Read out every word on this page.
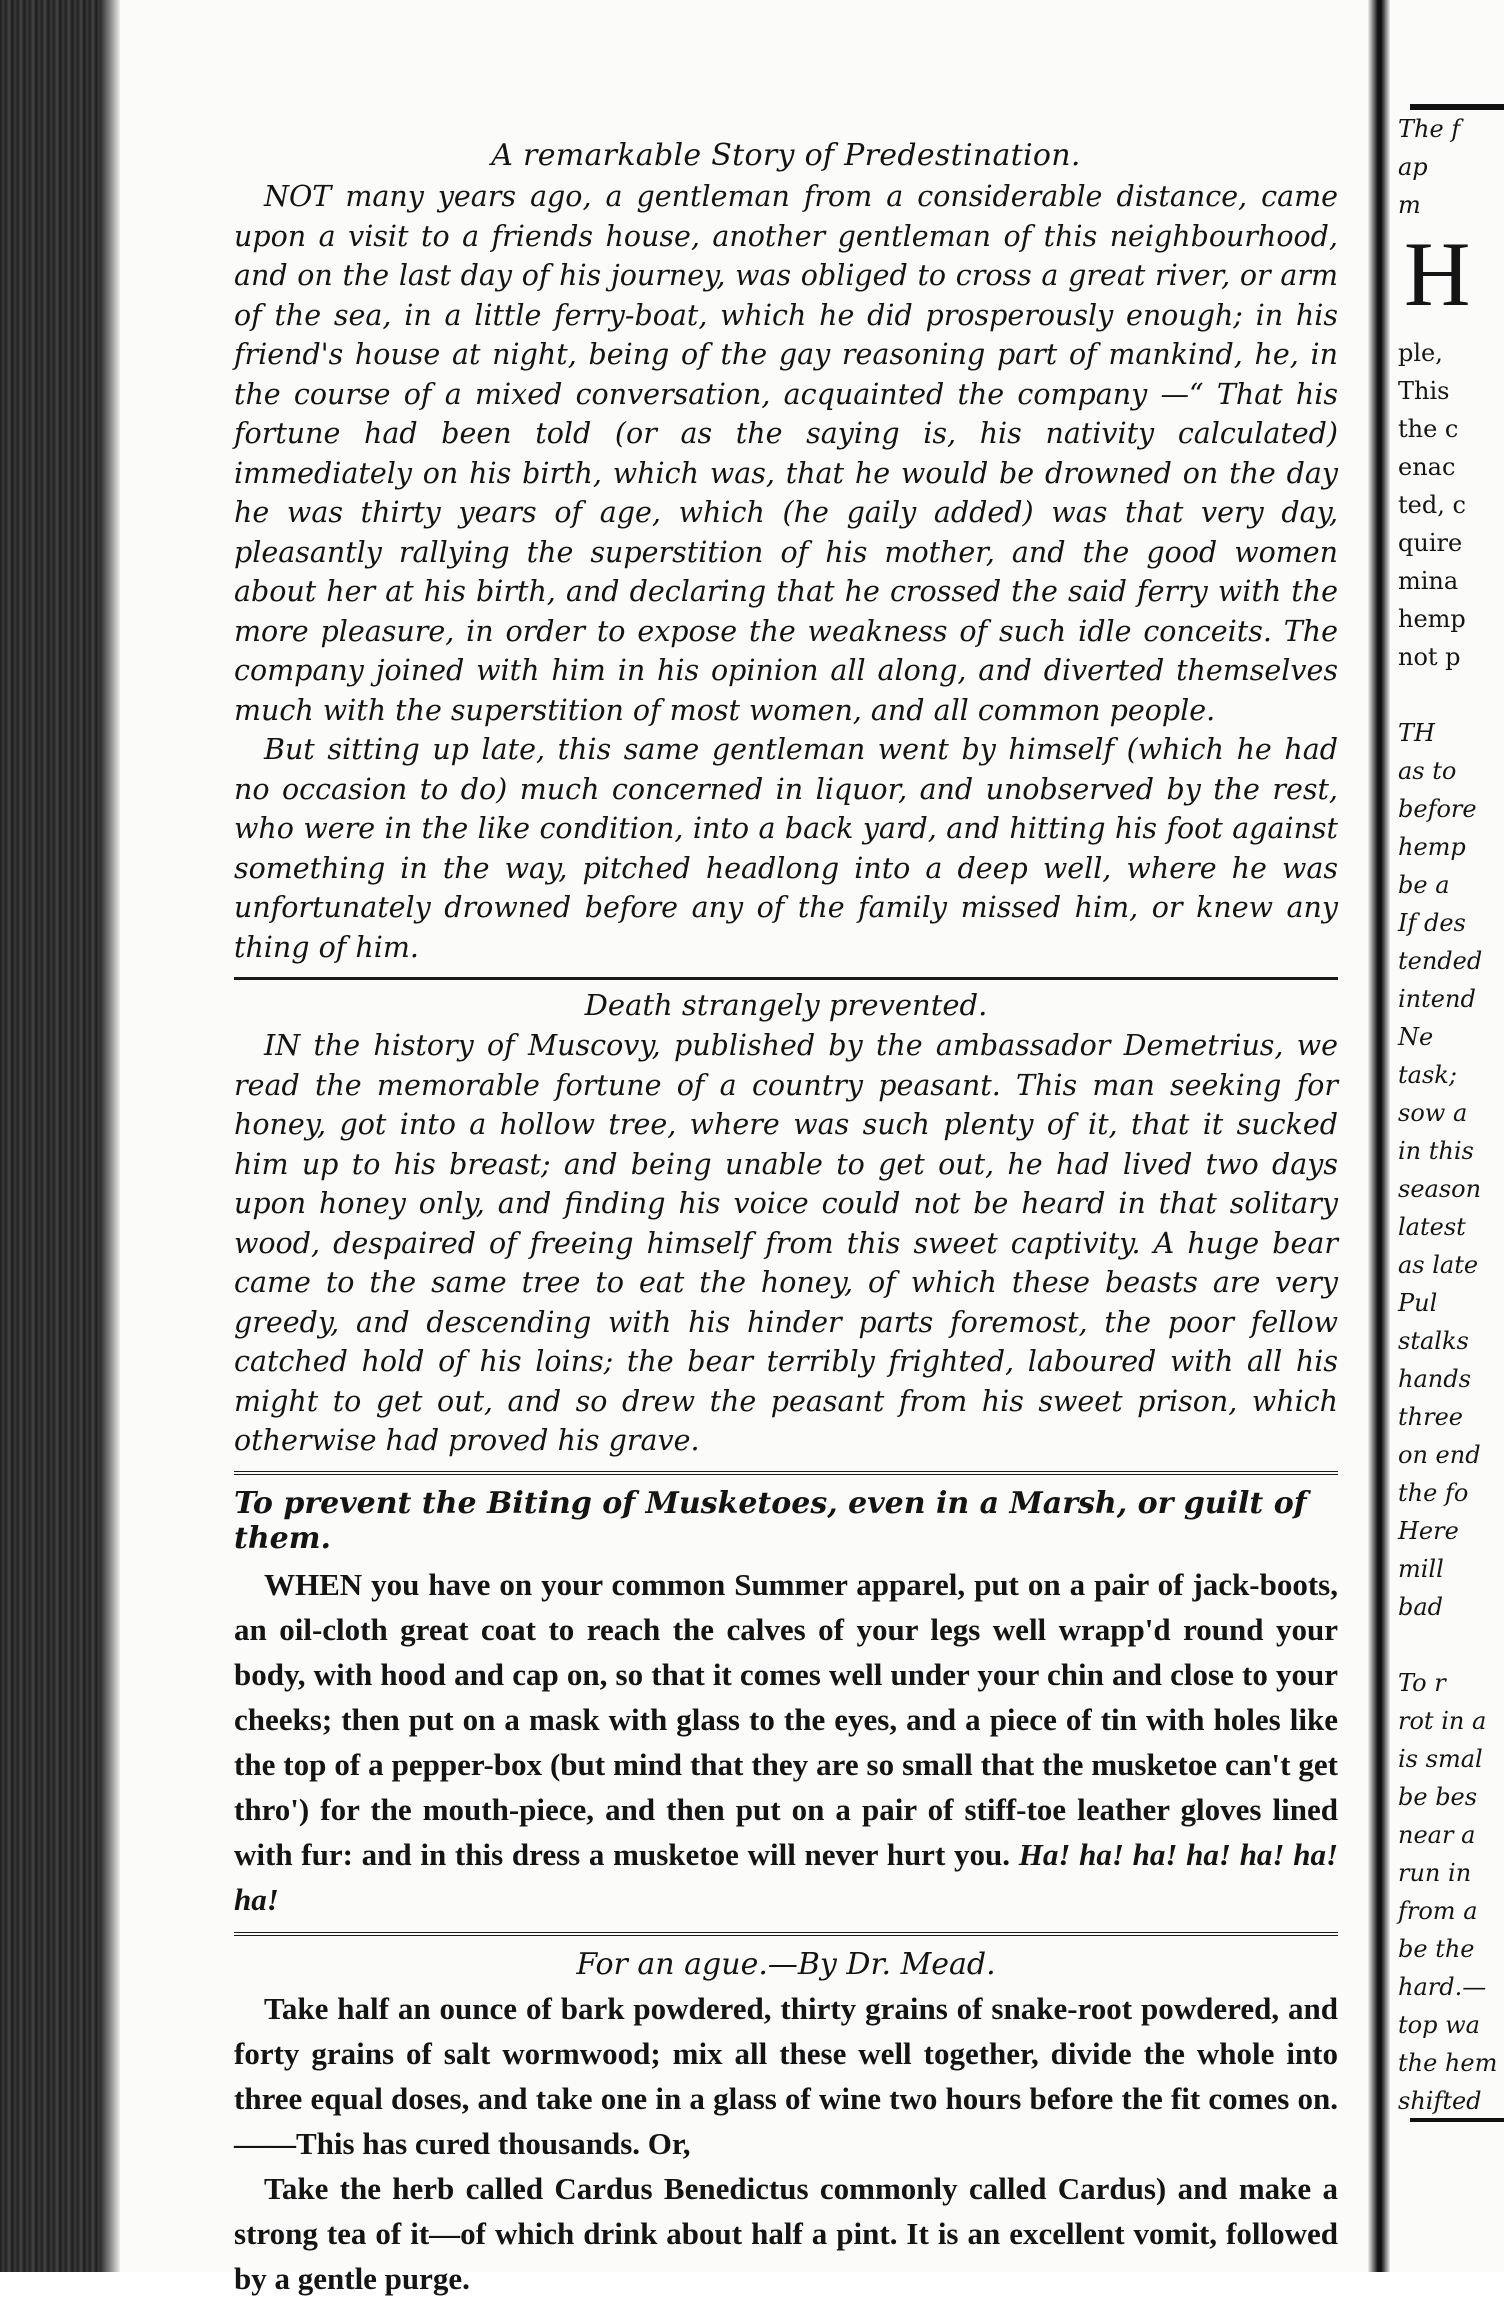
A remarkable Story of Predestination.

NOT many years ago, a gentleman from a considerable distance, came upon a visit to a friends house, another gentleman of this neighbourhood, and on the last day of his journey, was obliged to cross a great river, or arm of the sea, in a little ferry-boat, which he did prosperously enough; in his friend's house at night, being of the gay reasoning part of mankind, he, in the course of a mixed conversation, acquainted the company —“ That his fortune had been told (or as the saying is, his nativity calculated) immediately on his birth, which was, that he would be drowned on the day he was thirty years of age, which (he gaily added) was that very day, pleasantly rallying the superstition of his mother, and the good women about her at his birth, and declaring that he crossed the said ferry with the more pleasure, in order to expose the weakness of such idle conceits. The company joined with him in his opinion all along, and diverted themselves much with the superstition of most women, and all common people.

But sitting up late, this same gentleman went by himself (which he had no occasion to do) much concerned in liquor, and unobserved by the rest, who were in the like condition, into a back yard, and hitting his foot against something in the way, pitched headlong into a deep well, where he was unfortunately drowned before any of the family missed him, or knew any thing of him.

Death strangely prevented.

IN the history of Muscovy, published by the ambassador Demetrius, we read the memorable fortune of a country peasant. This man seeking for honey, got into a hollow tree, where was such plenty of it, that it sucked him up to his breast; and being unable to get out, he had lived two days upon honey only, and finding his voice could not be heard in that solitary wood, despaired of freeing himself from this sweet captivity. A huge bear came to the same tree to eat the honey, of which these beasts are very greedy, and descending with his hinder parts foremost, the poor fellow catched hold of his loins; the bear terribly frighted, laboured with all his might to get out, and so drew the peasant from his sweet prison, which otherwise had proved his grave.

To prevent the Biting of Musketoes, even in a Marsh, or guilt of them.

WHEN you have on your common Summer apparel, put on a pair of jack-boots, an oil-cloth great coat to reach the calves of your legs well wrapp'd round your body, with hood and cap on, so that it comes well under your chin and close to your cheeks; then put on a mask with glass to the eyes, and a piece of tin with holes like the top of a pepper-box (but mind that they are so small that the musketoe can't get thro') for the mouth-piece, and then put on a pair of stiff-toe leather gloves lined with fur: and in this dress a musketoe will never hurt you. Ha! ha! ha! ha! ha! ha! ha!

For an ague.—By Dr. Mead.

Take half an ounce of bark powdered, thirty grains of snake-root powdered, and forty grains of salt wormwood; mix all these well together, divide the whole into three equal doses, and take one in a glass of wine two hours before the fit comes on.——This has cured thousands. Or,

Take the herb called Cardus Benedictus commonly called Cardus) and make a strong tea of it—of which drink about half a pint. It is an excellent vomit, followed by a gentle purge.

The f
ap
m
H
ple,
This
the c
enac
ted, c
quire
mina
hemp
not p
TH
as to
before
hemp
be a
If des
tended
intend
Ne
task;
sow a
in this
season
latest
as late
Pul
stalks
hands
three
on end
the fo
Here
mill
bad
To r
rot in a
is smal
be bes
near a
run in
from a
be the
hard.—
top wa
the hem
shifted
